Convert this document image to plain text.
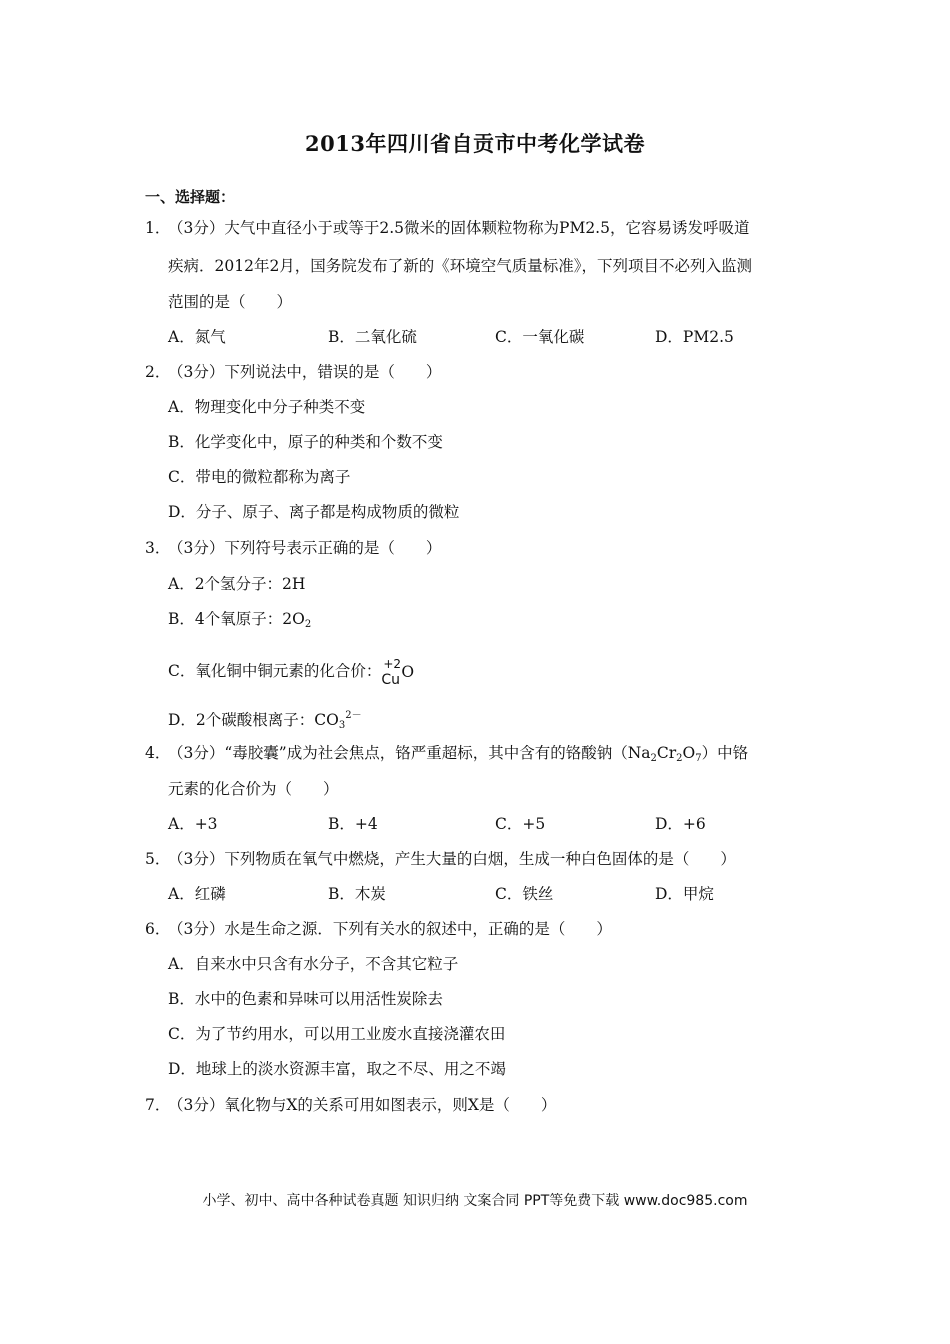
2013年四川省自贡市中考化学试卷
一、选择题：
1．
（3分）大气中直径小于或等于2.5微米的固体颗粒物称为PM2.5，它容易诱发呼吸道
疾病．2012年2月，国务院发布了新的《环境空气质量标准》，下列项目不必列入监测
范围的是（　　）
A．氮气	B．二氧化硫	C．一氧化碳	D．PM2.5
2．
（3分）下列说法中，错误的是（　　）
A．物理变化中分子种类不变
B．化学变化中，原子的种类和个数不变
C．带电的微粒都称为离子
D．分子、原子、离子都是构成物质的微粒
3．
（3分）下列符号表示正确的是（　　）
A．2个氢分子：2H
B．4个氧原子：$2O_2$
C．氧化铜中铜元素的化合价： +2
Cu O
D．2个碳酸根离子：$CO_3^{2-}$
4．
（3分）“毒胶囊”成为社会焦点，铬严重超标，其中含有的铬酸钠$(Na_2Cr_2O_7)$中铬
元素的化合价为（　　）
A．+3	B．+4	C．+5	D．+6
5．
（3分）下列物质在氧气中燃烧，产生大量的白烟，生成一种白色固体的是（　　）
A．红磷	B．木炭	C．铁丝	D．甲烷
6．
（3分）水是生命之源．下列有关水的叙述中，正确的是（　　）
A．自来水中只含有水分子，不含其它粒子
B．水中的色素和异味可以用活性炭除去
C．为了节约用水，可以用工业废水直接浇灌农田
D．地球上的淡水资源丰富，取之不尽、用之不竭
7．
（3分）氧化物与X的关系可用如图表示，则X是（　　）
小学、初中、高中各种试卷真题 知识归纳 文案合同 PPT等免费下载 www.doc985.com
